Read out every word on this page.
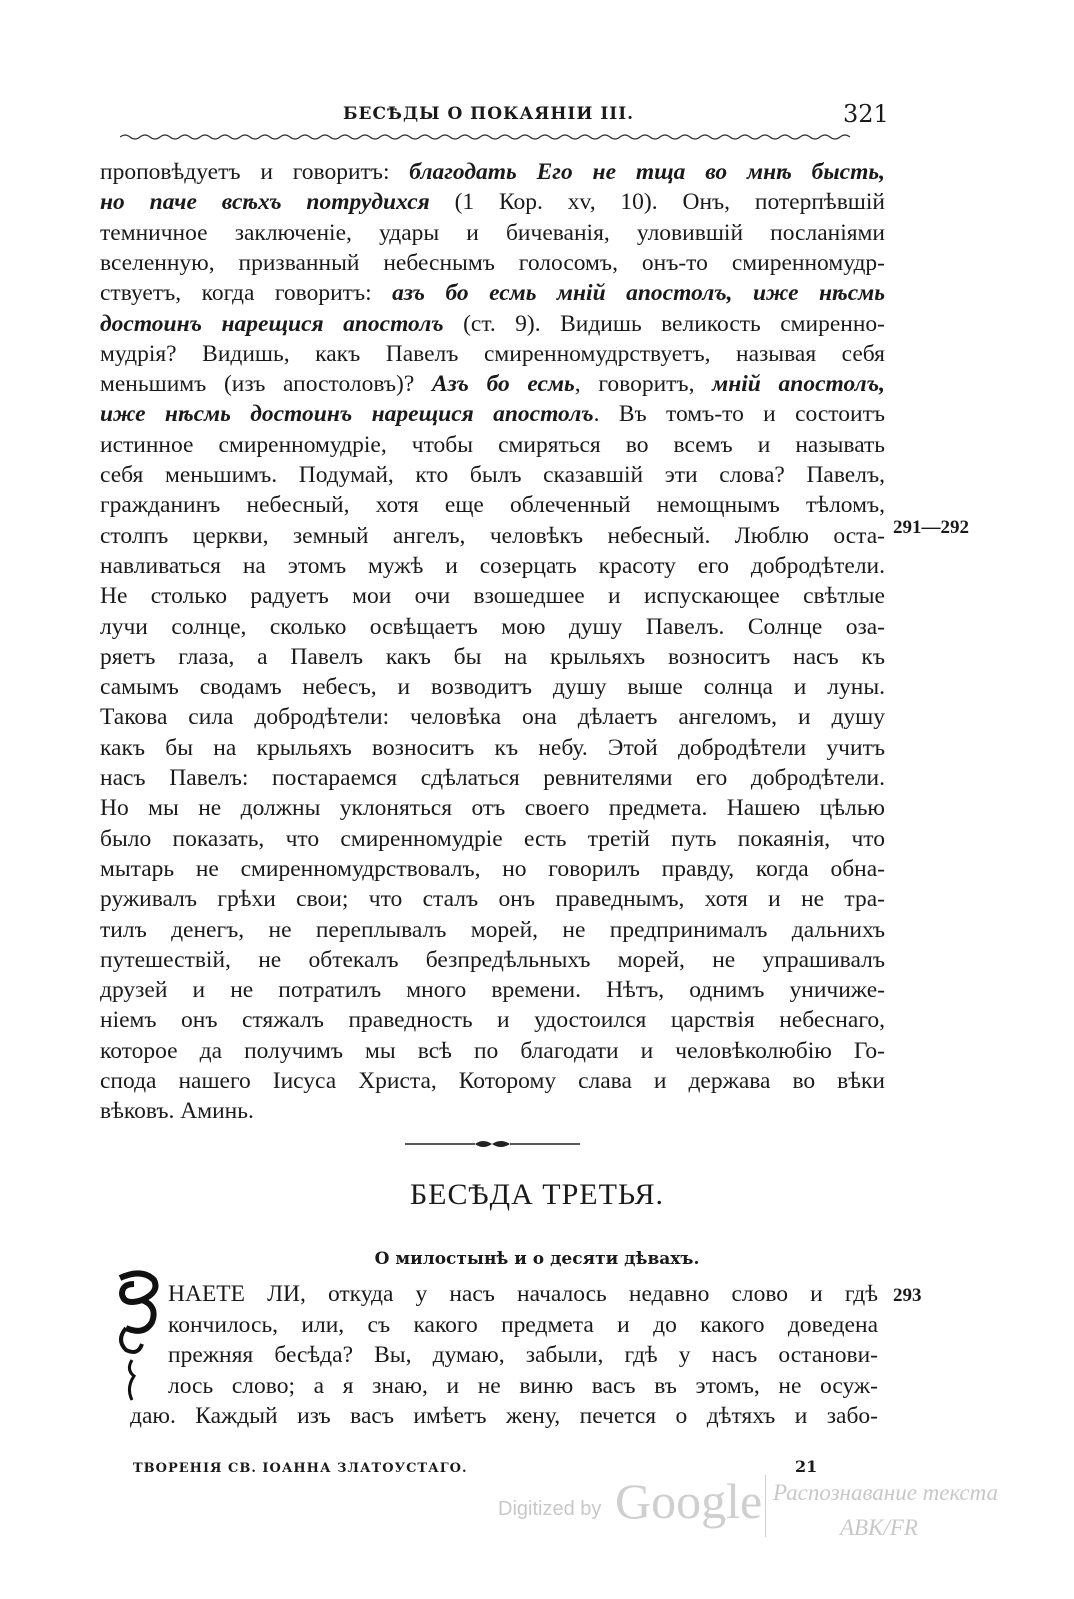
БЕСѢДЫ О ПОКАЯНІИ III.	321
проповѣдуетъ и говоритъ: благодать Его не тща во мнѣ бысть,
но паче всѣхъ потрудихся (1 Кор. xv, 10). Онъ, потерпѣвшій
темничное заключеніе, удары и бичеванія, уловившій посланіями
вселенную, призванный небеснымъ голосомъ, онъ-то смиренномудр-
ствуетъ, когда говоритъ: азъ бо есмь мній апостолъ, иже нѣсмь
достоинъ нарещися апостолъ (ст. 9). Видишь великость смиренно-
мудрія? Видишь, какъ Павелъ смиренномудрствуетъ, называя себя
меньшимъ (изъ апостоловъ)? Азъ бо есмь, говоритъ, мній апостолъ,
иже нѣсмь достоинъ нарещися апостолъ. Въ томъ-то и состоитъ
истинное смиренномудріе, чтобы смиряться во всемъ и называть
себя меньшимъ. Подумай, кто былъ сказавшій эти слова? Павелъ,
гражданинъ небесный, хотя еще облеченный немощнымъ тѣломъ,
столпъ церкви, земный ангелъ, человѣкъ небесный. Люблю оста-
навливаться на этомъ мужѣ и созерцать красоту его добродѣтели.
Не столько радуетъ мои очи взошедшее и испускающее свѣтлые
лучи солнце, сколько освѣщаетъ мою душу Павелъ. Солнце оза-
ряетъ глаза, а Павелъ какъ бы на крыльяхъ возноситъ насъ къ
самымъ сводамъ небесъ, и возводитъ душу выше солнца и луны.
Такова сила добродѣтели: человѣка она дѣлаетъ ангеломъ, и душу
какъ бы на крыльяхъ возноситъ къ небу. Этой добродѣтели учитъ
насъ Павелъ: постараемся сдѣлаться ревнителями его добродѣтели.
Но мы не должны уклоняться отъ своего предмета. Нашею цѣлью
было показать, что смиренномудріе есть третій путь покаянія, что
мытарь не смиренномудрствовалъ, но говорилъ правду, когда обна-
руживалъ грѣхи свои; что сталъ онъ праведнымъ, хотя и не тра-
тилъ денегъ, не переплывалъ морей, не предпринималъ дальнихъ
путешествій, не обтекалъ безпредѣльныхъ морей, не упрашивалъ
друзей и не потратилъ много времени. Нѣтъ, однимъ уничиже-
ніемъ онъ стяжалъ праведность и удостоился царствія небеснаго,
которое да получимъ мы всѣ по благодати и человѣколюбію Го-
спода нашего Іисуса Христа, Которому слава и держава во вѣки
вѣковъ. Аминь.
291—292
293
БЕСѢДА ТРЕТЬЯ.
О милостынѣ и о десяти дѣвахъ.
НАЕТЕ ЛИ, откуда у насъ началось недавно слово и гдѣ
кончилось, или, съ какого предмета и до какого доведена
прежняя бесѣда? Вы, думаю, забыли, гдѣ у насъ останови-
лось слово; а я знаю, и не виню васъ въ этомъ, не осуж-
даю. Каждый изъ васъ имѣетъ жену, печется о дѣтяхъ и забо-
ТВОРЕНІЯ СВ. ІОАННА ЗЛАТОУСТАГО.	21
Digitized by Google Распознавание текста
ABK/FR
